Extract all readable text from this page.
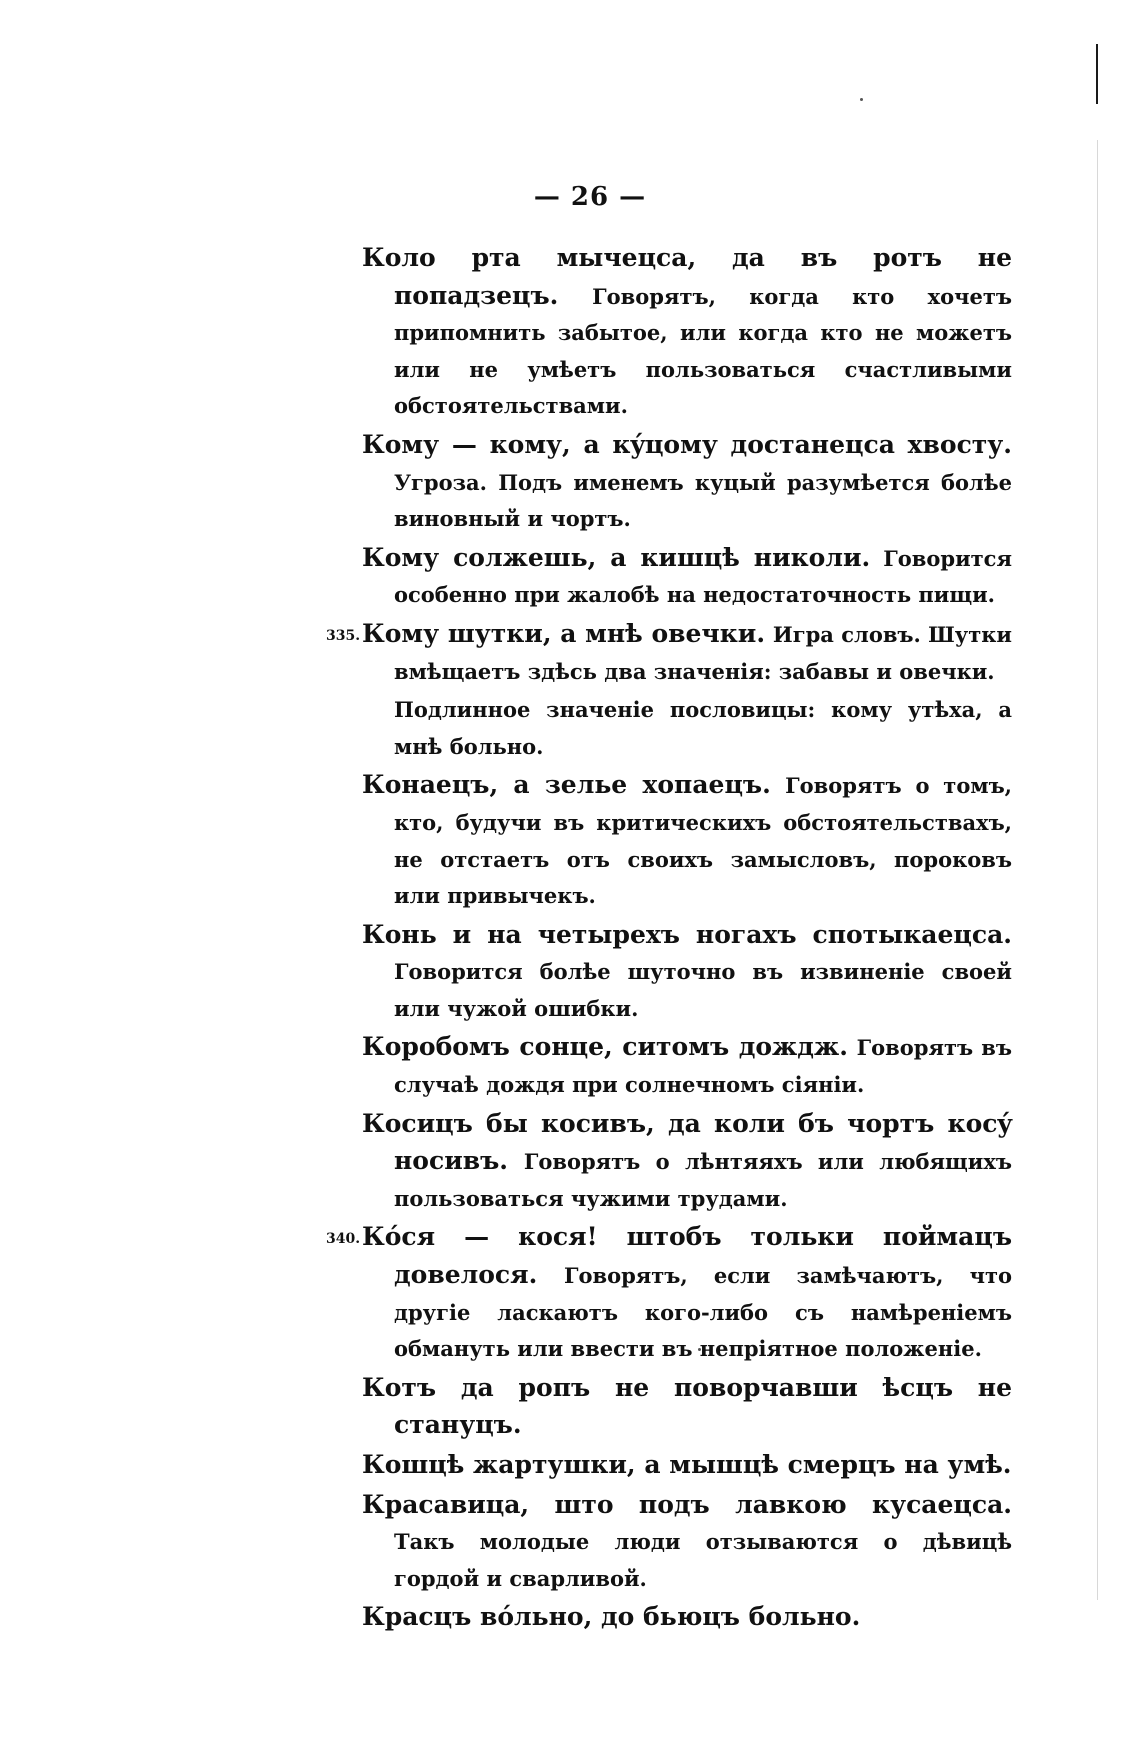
— 26 —
Коло рта мычецса, да въ ротъ не попадзецъ. Говорятъ, когда кто хочетъ припомнить забытое, или когда кто не можетъ или не умѣетъ пользоваться счастливыми обстоятельствами.
Кому — кому, а кýцому достанецса хвосту. Угроза. Подъ именемъ куцый разумѣется болѣе виновный и чортъ.
Кому солжешь, а кишцѣ николи. Говорится особенно при жалобѣ на недостаточность пищи.
335. Кому шутки, а мнѣ овечки. Игра словъ. Шутки вмѣщаетъ здѣсь два значенія: забавы и овечки.
Подлинное значеніе пословицы: кому утѣха, а мнѣ больно.
Конаецъ, а зелье хопаецъ. Говорятъ о томъ, кто, будучи въ критическихъ обстоятельствахъ, не отстаетъ отъ своихъ замысловъ, пороковъ или привычекъ.
Конь и на четырехъ ногахъ спотыкаецса. Говорится болѣе шуточно въ извиненіе своей или чужой ошибки.
Коробомъ сонце, ситомъ дождж. Говорятъ въ случаѣ дождя при солнечномъ сіяніи.
Косицъ бы косивъ, да коли бъ чортъ косý носивъ. Говорятъ о лѣнтяяхъ или любящихъ пользоваться чужими трудами.
340. Кóся — кося! штобъ тольки поймацъ довелося. Говорятъ, если замѣчаютъ, что другіе ласкаютъ кого-либо съ намѣреніемъ обмануть или ввести въ непріятное положеніе.
Котъ да ропъ не поворчавши ѣсцъ не стануцъ.
Кошцѣ жартушки, а мышцѣ смерцъ на умѣ.
Красавица, што подъ лавкою кусаецса. Такъ молодые люди отзываются о дѣвицѣ гордой и сварливой.
Красцъ вóльно, до бьюцъ больно.
